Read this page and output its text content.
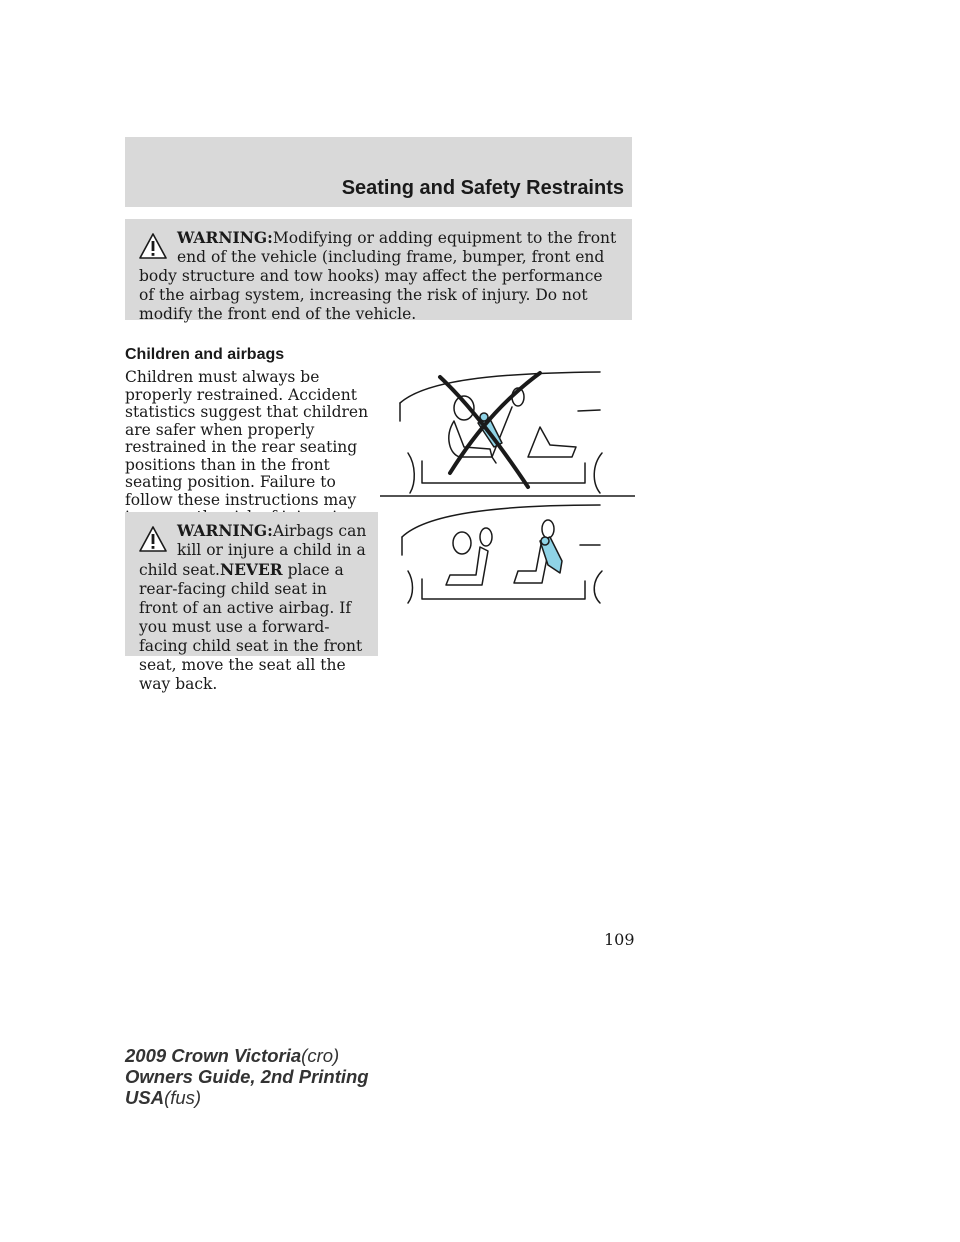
Seating and Safety Restraints

WARNING:Modifying or adding equipment to the front end of the vehicle (including frame, bumper, front end body structure and tow hooks) may affect the performance of the airbag system, increasing the risk of injury. Do not modify the front end of the vehicle.

Children and airbags

Children must always be properly restrained. Accident statistics suggest that children are safer when properly restrained in the rear seating positions than in the front seating position. Failure to follow these instructions may

WARNING:Airbags can kill or injure a child in a child seat.NEVER place a rear-facing child seat in front of an active airbag. If you must use a forward-facing child seat in the front seat, move the seat all the way back.

109
2009 Crown Victoria(cro)
Owners Guide, 2nd Printing
USA(fus)
